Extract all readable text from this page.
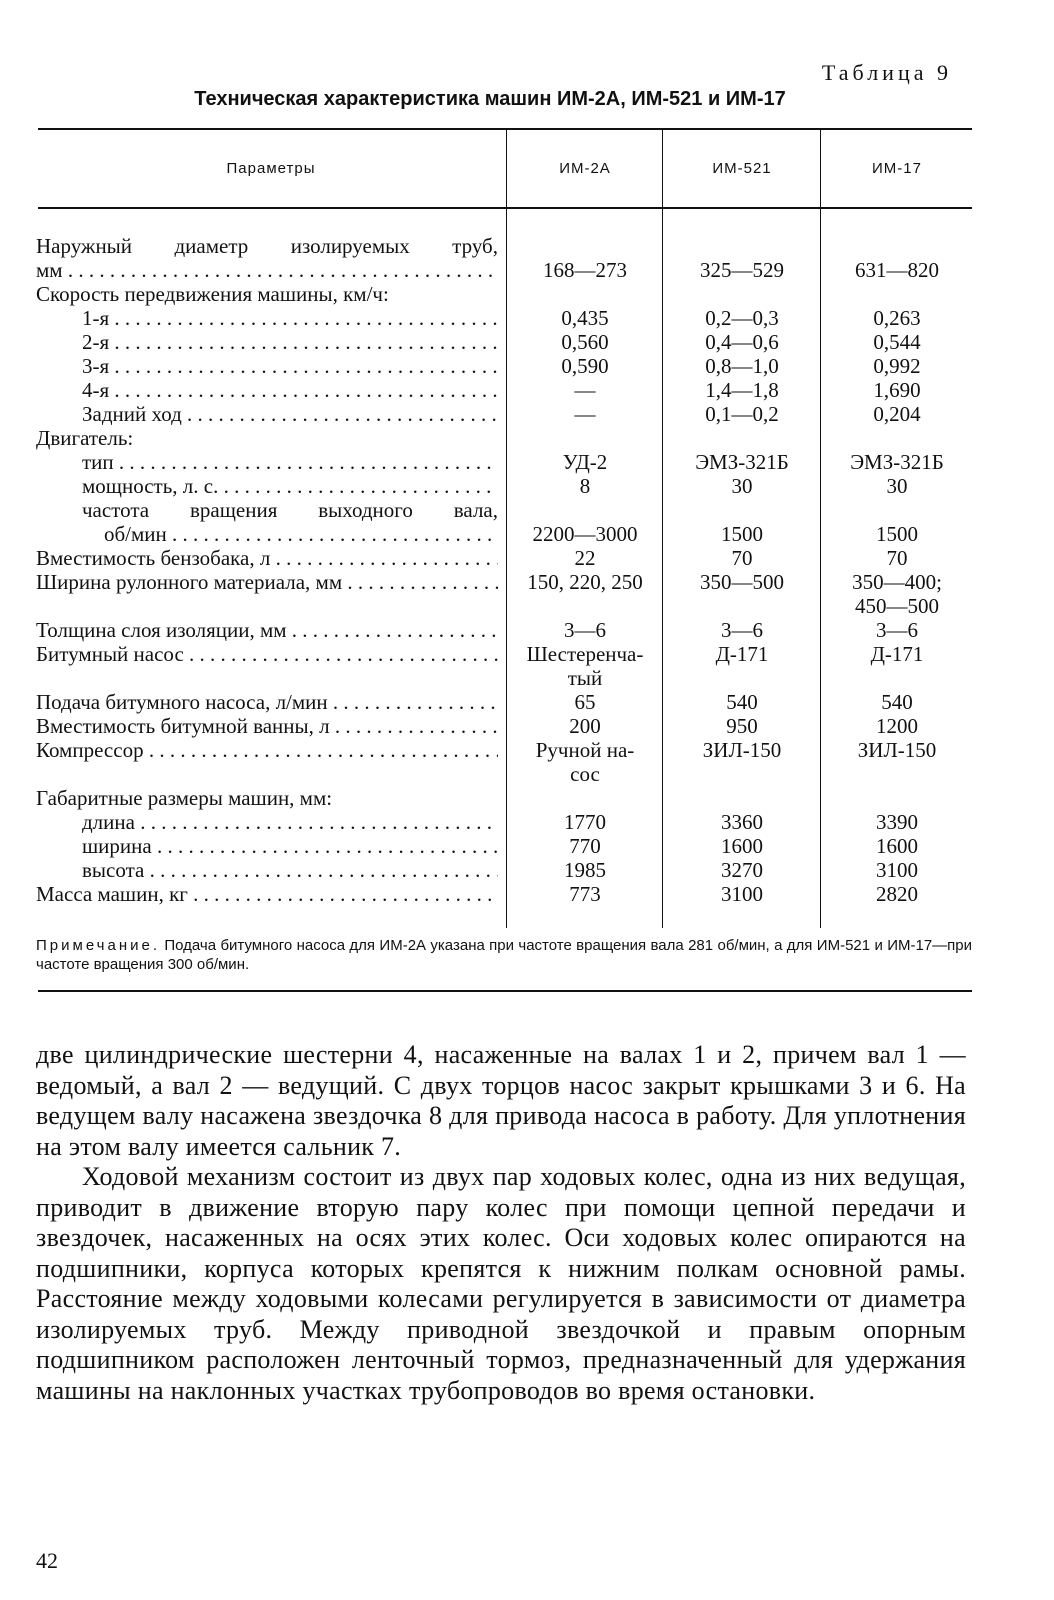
Таблица 9
Техническая характеристика машин ИМ-2А, ИМ-521 и ИМ-17
Параметры	ИМ-2А	ИМ-521	ИМ-17
Наружный диаметр изолируемых труб,
мм . . .	168—273	325—529	631—820
Скорость передвижения машины, км/ч:
1-я . . .	0,435	0,2—0,3	0,263
2-я . . .	0,560	0,4—0,6	0,544
3-я . . .	0,590	0,8—1,0	0,992
4-я . . .	—	1,4—1,8	1,690
Задний ход . . .	—	0,1—0,2	0,204
Двигатель:
тип . . .	УД-2	ЭМЗ-321Б	ЭМЗ-321Б
мощность, л. с. . . .	8	30	30
частота вращения выходного вала,
об/мин . . .	2200—3000	1500	1500
Вместимость бензобака, л . . .	22	70	70
Ширина рулонного материала, мм . . .	150, 220, 250	350—500	350—400;
450—500
Толщина слоя изоляции, мм . . .	3—6	3—6	3—6
Битумный насос . . .	Шестеренча-	Д-171	Д-171
тый
Подача битумного насоса, л/мин . . .	65	540	540
Вместимость битумной ванны, л . . .	200	950	1200
Компрессор . . .	Ручной на-	ЗИЛ-150	ЗИЛ-150
сос
Габаритные размеры машин, мм:
длина . . .	1770	3360	3390
ширина . . .	770	1600	1600
высота . . .	1985	3270	3100
Масса машин, кг . . .	773	3100	2820
Примечание. Подача битумного насоса для ИМ-2А указана при частоте вращения вала 281 об/мин, а для ИМ-521 и ИМ-17—при частоте вращения 300 об/мин.

две цилиндрические шестерни 4, насаженные на валах 1 и 2, причем вал 1 — ведомый, а вал 2 — ведущий. С двух торцов насос закрыт крышками 3 и 6. На ведущем валу насажена звездочка 8 для привода насоса в работу. Для уплотнения на этом валу имеется сальник 7.

Ходовой механизм состоит из двух пар ходовых колес, одна из них ведущая, приводит в движение вторую пару колес при помощи цепной передачи и звездочек, насаженных на осях этих колес. Оси ходовых колес опираются на подшипники, корпуса которых крепятся к нижним полкам основной рамы. Расстояние между ходовыми колесами регулируется в зависимости от диаметра изолируемых труб. Между приводной звездочкой и правым опорным подшипником расположен ленточный тормоз, предназначенный для удержания машины на наклонных участках трубопроводов во время остановки.

42
